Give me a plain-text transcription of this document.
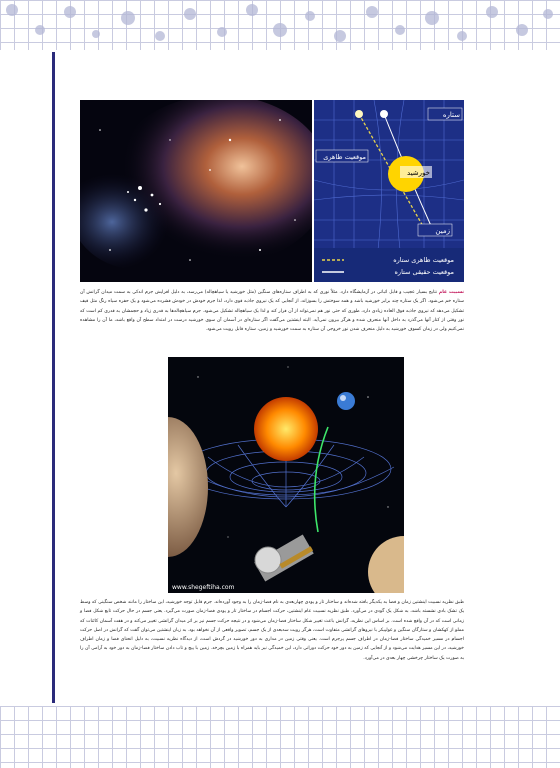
ستاره
خورشید
موقعیت ظاهری
زمین
موقعیت ظاهری ستاره
موقعیت حقیقی ستاره

نسبیت عام نتایج بسیار عجیب و قابل اثباتی در آزمایشگاه دارد. مثلاً نوری که به اطراف ستاره‌های سنگین (مثل خورشید یا سیاهچاله) می‌رسد، به دلیل افزایش جرم اندکی به سمت میدان گرانش آن ستاره خم می‌شود. اگر یک ستاره چند برابر خورشید باشد و همه سوختش را بسوزاند، از آنجایی که یک نیروی جاذبه قوی دارد، لذا جرم خودش در خودش فشرده می‌شود و یک حفره سیاه رنگ مثل قیف تشکیل می‌دهد که نیروی جاذبه فوق العاده زیادی دارد، طوری که حتی نور هم نمی‌تواند از آن فرار کند و لذا یک سیاهچاله تشکیل می‌شود. جرم سیاهچاله‌ها به قدری زیاد و حجمشان به قدری کم است که نور وقتی از کنار آنها می‌گذرد به داخل آنها منحرف شده و هرگز بیرون نمی‌آید. البته اینشتین می‌گفت اگر ستاره‌ای در آسمان آن سوی خورشید درست در امتداد سطح آن واقع باشد، ما آن را مشاهده نمی‌کنیم ولی در زمان کسوف خورشید به دلیل منحرف شدن نور خروجی آن ستاره به سمت خورشید و زمین، ستاره قابل رویت می‌شود.

www.shegeftiha.com

طبق نظریه نسبیت اینشتین زمان و فضا به یکدیگر بافته شده‌اند و ساختار تار و پودی چهاربعدی به نام فضا-زمان را به وجود آورده‌اند. جرم قابل توجه خورشید، این ساختار را مانند شخص سنگینی که وسط یک تشک بادی نشسته باشد، به شکل یک گودی در می‌آورد. طبق نظریه نسبیت عام اینشتین، حرکت اجسام در ساختار تار و پودی فضا-زمان صورت می‌گیرد. یعنی جسم در حال حرکت تابع شکل فضا و زمانی است که در آن واقع شده است. بر اساس این نظریه، گرانش باعث تغییر شکل ساختار فضا-زمان می‌شود و در نتیجه حرکت جسم نیز بر اثر میدان گرانشی تغییر می‌کند و در هفت آسمان کائنات که مملو از کهکشان و ستارگان سنگین و غولپیکر با نیروهای گرانشی متفاوت است، هرگز رویت سه‌بعدی از یک جسم، تصویر واقعی از آن نخواهد بود. به زبان اینشتین می‌توان گفت که گرانش در اصل حرکت اجسام در مسیر خمیدگی ساختار فضا-زمان در اطراف جسم پرجرم است. یعنی وقتی زمین در مداری به دور خورشید در گردش است، از دیدگاه نظریه نسبیت، به دلیل انحنای فضا و زمان اطراف خورشید، در این مسیر هدایت می‌شود و از آنجایی که زمین به دور خود حرکت دورانی دارد، این خمیدگی نیز باید همراه با زمین بچرخد. زمین با پیچ و تاب دادن ساختار فضا-زمان به دور خود به آرامی آن را به صورت یک ساختار چرخشی چهار بعدی در می‌آورد.
